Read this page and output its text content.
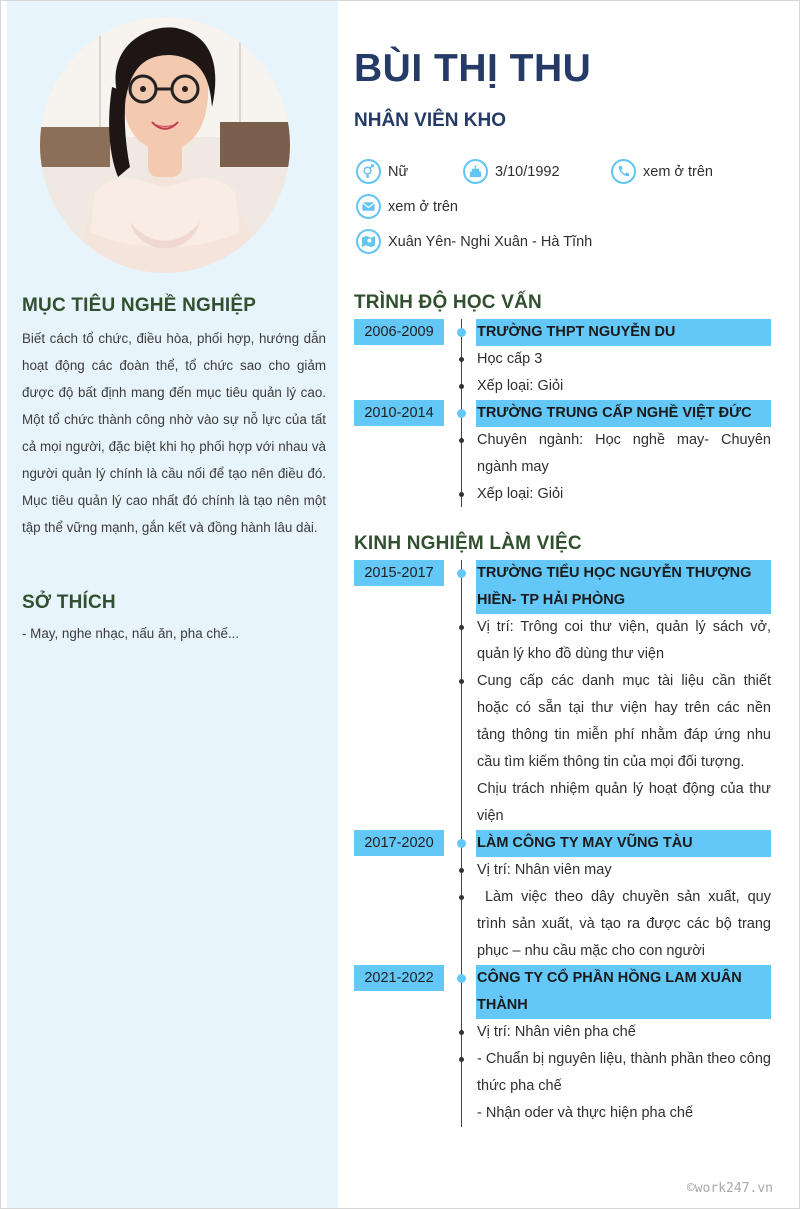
MỤC TIÊU NGHỀ NGHIỆP
Biết cách tổ chức, điều hòa, phối hợp, hướng dẫn hoạt động các đoàn thể, tổ chức sao cho giảm được độ bất định mang đến mục tiêu quản lý cao. Một tổ chức thành công nhờ vào sự nỗ lực của tất cả mọi người, đặc biệt khi họ phối hợp với nhau và người quản lý chính là cầu nối để tạo nên điều đó. Mục tiêu quản lý cao nhất đó chính là tạo nên một tập thể vững mạnh, gắn kết và đồng hành lâu dài.
SỞ THÍCH
- May, nghe nhạc, nấu ăn, pha chế...
BÙI THỊ THU
NHÂN VIÊN KHO
Nữ	3/10/1992	xem ở trên
xem ở trên
Xuân Yên- Nghi Xuân - Hà Tĩnh
TRÌNH ĐỘ HỌC VẤN
2006-2009	TRƯỜNG THPT NGUYỄN DU
Học cấp 3
Xếp loại: Giỏi
2010-2014	TRƯỜNG TRUNG CẤP NGHỀ VIỆT ĐỨC
Chuyên ngành: Học nghề may- Chuyên ngành may
Xếp loại: Giỏi
KINH NGHIỆM LÀM VIỆC
2015-2017	TRƯỜNG TIỂU HỌC NGUYỄN THƯỢNG HIỀN- TP HẢI PHÒNG
Vị trí: Trông coi thư viện, quản lý sách vở, quản lý kho đồ dùng thư viện
Cung cấp các danh mục tài liệu cần thiết hoặc có sẵn tại thư viện hay trên các nền tảng thông tin miễn phí nhằm đáp ứng nhu cầu tìm kiếm thông tin của mọi đối tượng.
Chịu trách nhiệm quản lý hoạt động của thư viện
2017-2020	LÀM CÔNG TY MAY VŨNG TÀU
Vị trí: Nhân viên may
Làm việc theo dây chuyền sản xuất, quy trình sản xuất, và tạo ra được các bộ trang phục – nhu cầu mặc cho con người
2021-2022	CÔNG TY CỔ PHẦN HỒNG LAM XUÂN THÀNH
Vị trí: Nhân viên pha chế
- Chuẩn bị nguyên liệu, thành phần theo công thức pha chế
- Nhận oder và thực hiện pha chế
©work247.vn
